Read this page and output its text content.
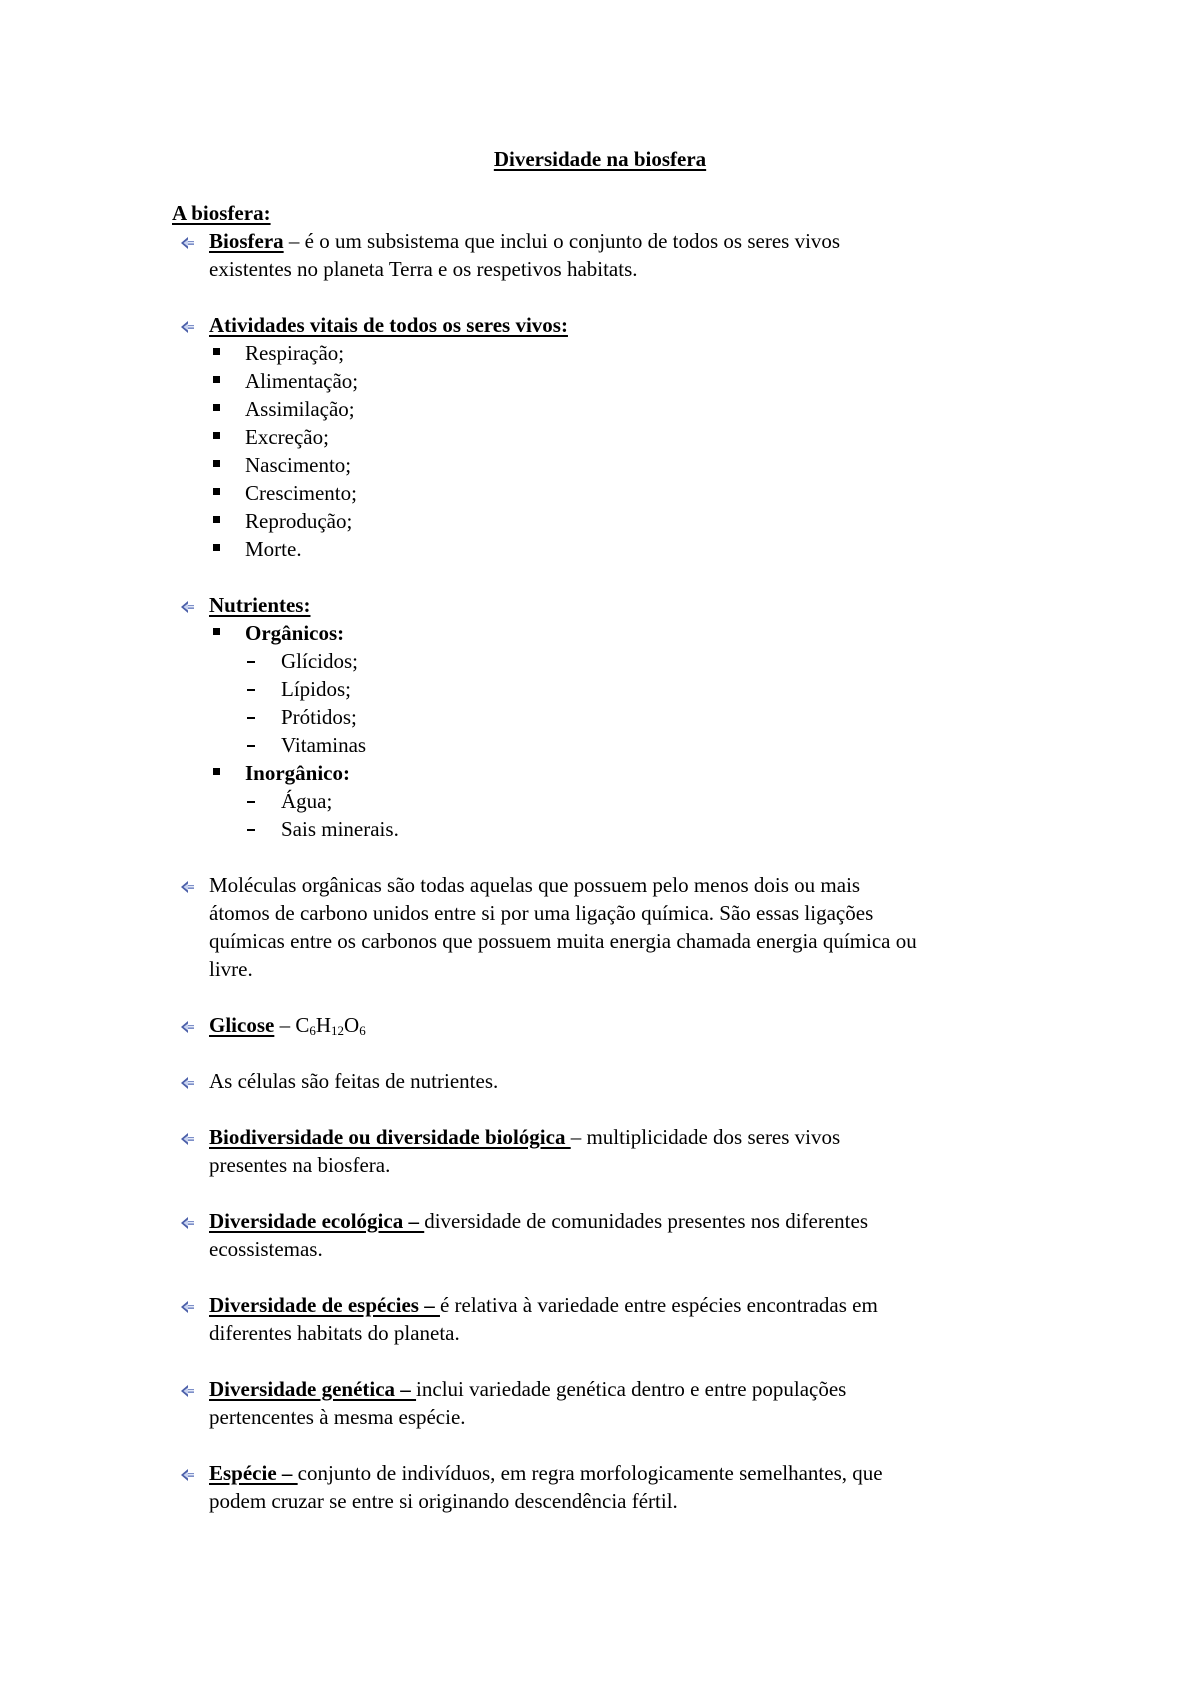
Diversidade na biosfera
A biosfera:
Biosfera – é o um subsistema que inclui o conjunto de todos os seres vivos
existentes no planeta Terra e os respetivos habitats.
Atividades vitais de todos os seres vivos:
Respiração;
Alimentação;
Assimilação;
Excreção;
Nascimento;
Crescimento;
Reprodução;
Morte.
Nutrientes:
Orgânicos:
Glícidos;
Lípidos;
Prótidos;
Vitaminas
Inorgânico:
Água;
Sais minerais.
Moléculas orgânicas são todas aquelas que possuem pelo menos dois ou mais
átomos de carbono unidos entre si por uma ligação química. São essas ligações
químicas entre os carbonos que possuem muita energia chamada energia química ou
livre.
Glicose – $C_6H_{12}O_6$
As células são feitas de nutrientes.
Biodiversidade ou diversidade biológica – multiplicidade dos seres vivos
presentes na biosfera.
Diversidade ecológica – diversidade de comunidades presentes nos diferentes
ecossistemas.
Diversidade de espécies – é relativa à variedade entre espécies encontradas em
diferentes habitats do planeta.
Diversidade genética – inclui variedade genética dentro e entre populações
pertencentes à mesma espécie.
Espécie – conjunto de indivíduos, em regra morfologicamente semelhantes, que
podem cruzar se entre si originando descendência fértil.
